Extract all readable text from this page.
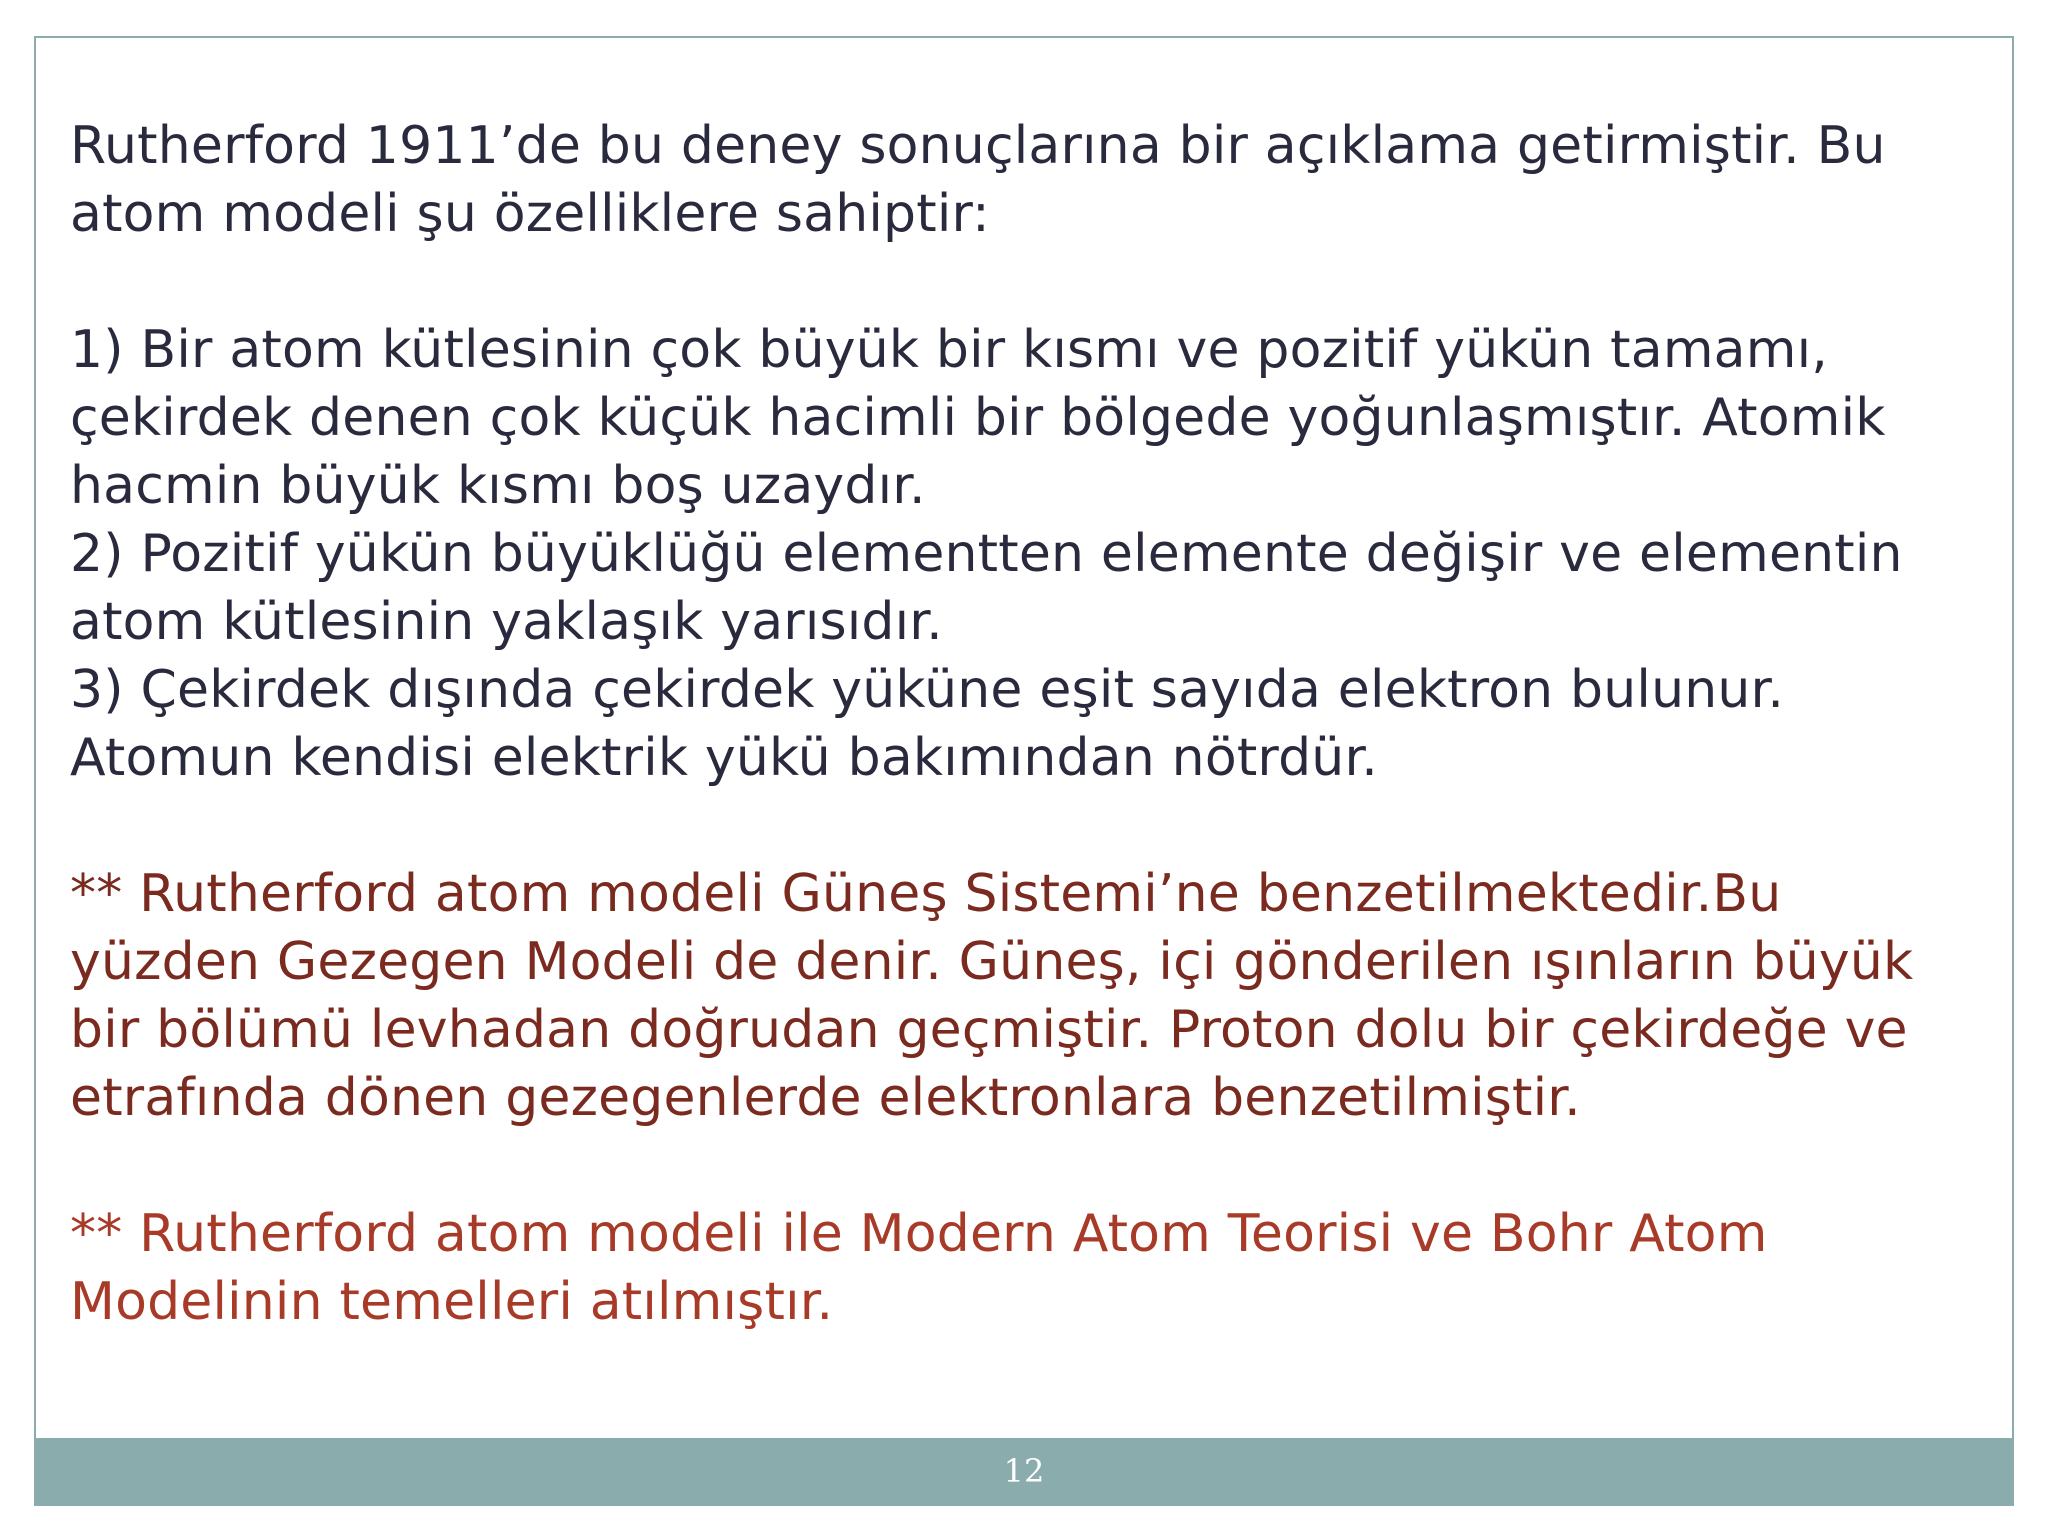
Rutherford 1911’de bu deney sonuçlarına bir açıklama getirmiştir. Bu
atom modeli şu özelliklere sahiptir:

1) Bir atom kütlesinin çok büyük bir kısmı ve pozitif yükün tamamı,
çekirdek denen çok küçük hacimli bir bölgede yoğunlaşmıştır. Atomik
hacmin büyük kısmı boş uzaydır.

2) Pozitif yükün büyüklüğü elementten elemente değişir ve elementin
atom kütlesinin yaklaşık yarısıdır.

3) Çekirdek dışında çekirdek yüküne eşit sayıda elektron bulunur.
Atomun kendisi elektrik yükü bakımından nötrdür.

** Rutherford atom modeli Güneş Sistemi’ne benzetilmektedir.Bu
yüzden Gezegen Modeli de denir. Güneş, içi gönderilen ışınların büyük
bir bölümü levhadan doğrudan geçmiştir. Proton dolu bir çekirdeğe ve
etrafında dönen gezegenlerde elektronlara benzetilmiştir.

** Rutherford atom modeli ile Modern Atom Teorisi ve Bohr Atom
Modelinin temelleri atılmıştır.

12
